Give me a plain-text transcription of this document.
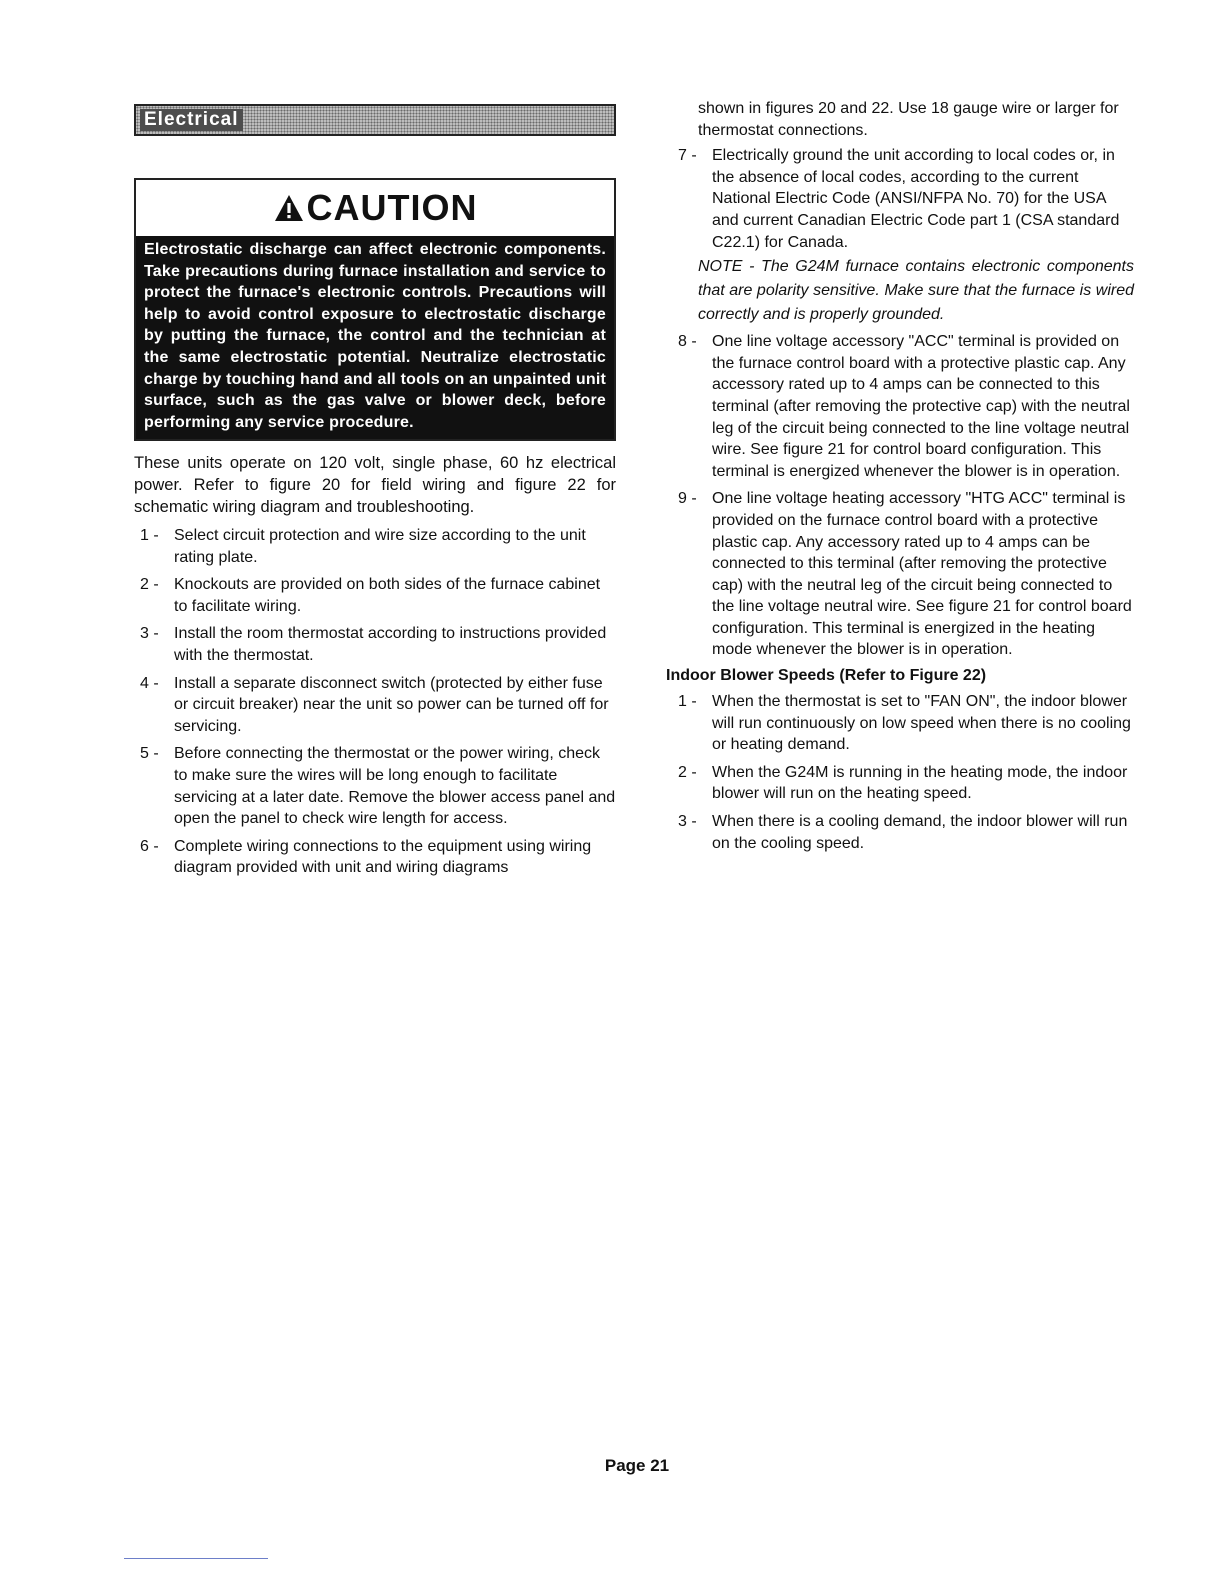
Electrical
CAUTION
Electrostatic discharge can affect electronic components. Take precautions during furnace installation and service to protect the furnace's electronic controls. Precautions will help to avoid control exposure to electrostatic discharge by putting the furnace, the control and the technician at the same electrostatic potential. Neutralize electrostatic charge by touching hand and all tools on an unpainted unit surface, such as the gas valve or blower deck, before performing any service procedure.

These units operate on 120 volt, single phase, 60 hz electrical power. Refer to figure 20 for field wiring and figure 22 for schematic wiring diagram and troubleshooting.

1 - Select circuit protection and wire size according to the unit rating plate.
2 - Knockouts are provided on both sides of the furnace cabinet to facilitate wiring.
3 - Install the room thermostat according to instructions provided with the thermostat.
4 - Install a separate disconnect switch (protected by either fuse or circuit breaker) near the unit so power can be turned off for servicing.
5 - Before connecting the thermostat or the power wiring, check to make sure the wires will be long enough to facilitate servicing at a later date. Remove the blower access panel and open the panel to check wire length for access.
6 - Complete wiring connections to the equipment using wiring diagram provided with unit and wiring diagrams

shown in figures 20 and 22. Use 18 gauge wire or larger for thermostat connections.

7 - Electrically ground the unit according to local codes or, in the absence of local codes, according to the current National Electric Code (ANSI/NFPA No. 70) for the USA and current Canadian Electric Code part 1 (CSA standard C22.1) for Canada.

NOTE - The G24M furnace contains electronic components that are polarity sensitive. Make sure that the furnace is wired correctly and is properly grounded.

8 - One line voltage accessory "ACC" terminal is provided on the furnace control board with a protective plastic cap. Any accessory rated up to 4 amps can be connected to this terminal (after removing the protective cap) with the neutral leg of the circuit being connected to the line voltage neutral wire. See figure 21 for control board configuration. This terminal is energized whenever the blower is in operation.
9 - One line voltage heating accessory "HTG ACC" terminal is provided on the furnace control board with a protective plastic cap. Any accessory rated up to 4 amps can be connected to this terminal (after removing the protective cap) with the neutral leg of the circuit being connected to the line voltage neutral wire. See figure 21 for control board configuration. This terminal is energized in the heating mode whenever the blower is in operation.

Indoor Blower Speeds (Refer to Figure 22)

1 - When the thermostat is set to "FAN ON", the indoor blower will run continuously on low speed when there is no cooling or heating demand.
2 - When the G24M is running in the heating mode, the indoor blower will run on the heating speed.
3 - When there is a cooling demand, the indoor blower will run on the cooling speed.
Page 21
